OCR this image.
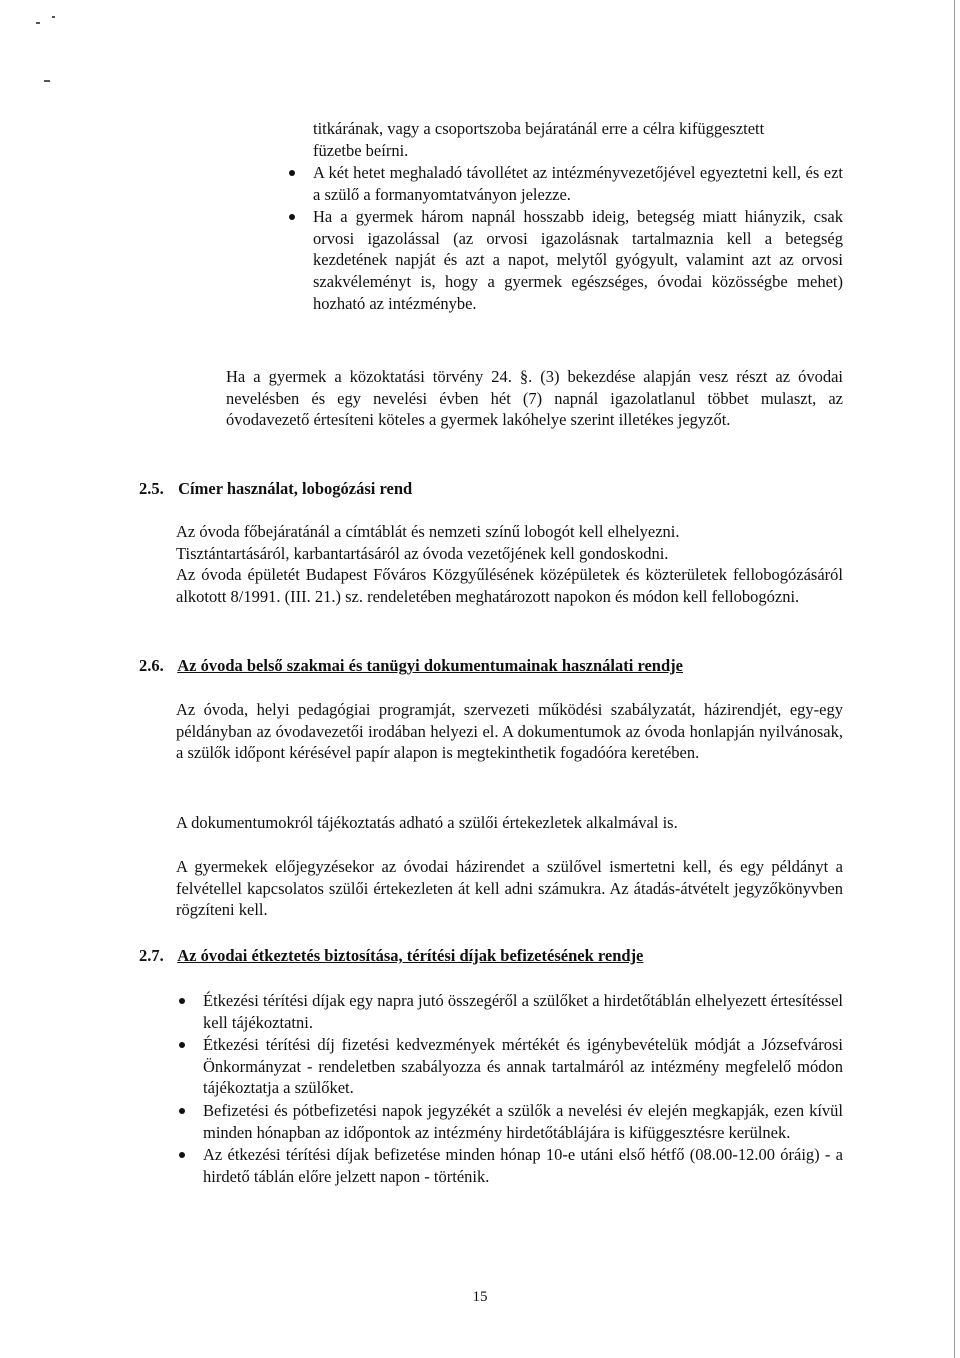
titkárának, vagy a csoportszoba bejáratánál erre a célra kifüggesztett

füzetbe beírni.

A két hetet meghaladó távollétet az intézményvezetőjével egyeztetni kell, és ezt a szülő a formanyomtatványon jelezze.
Ha a gyermek három napnál hosszabb ideig, betegség miatt hiányzik, csak orvosi igazolással (az orvosi igazolásnak tartalmaznia kell a betegség kezdetének napját és azt a napot, melytől gyógyult, valamint azt az orvosi szakvéleményt is, hogy a gyermek egészséges, óvodai közösségbe mehet) hozható az intézménybe.

Ha a gyermek a közoktatási törvény 24. §. (3) bekezdése alapján vesz részt az óvodai nevelésben és egy nevelési évben hét (7) napnál igazolatlanul többet mulaszt, az óvodavezető értesíteni köteles a gyermek lakóhelye szerint illetékes jegyzőt.

2.5. Címer használat, lobogózási rend

Az óvoda főbejáratánál a címtáblát és nemzeti színű lobogót kell elhelyezni.

Tisztántartásáról, karbantartásáról az óvoda vezetőjének kell gondoskodni.

Az óvoda épületét Budapest Főváros Közgyűlésének középületek és közterületek fellobogózásáról alkotott 8/1991. (III. 21.) sz. rendeletében meghatározott napokon és módon kell fellobogózni.

2.6. Az óvoda belső szakmai és tanügyi dokumentumainak használati rendje

Az óvoda, helyi pedagógiai programját, szervezeti működési szabályzatát, házirendjét, egy-egy példányban az óvodavezetői irodában helyezi el. A dokumentumok az óvoda honlapján nyilvánosak, a szülők időpont kérésével papír alapon is megtekinthetik fogadóóra keretében.

A dokumentumokról tájékoztatás adható a szülői értekezletek alkalmával is.

A gyermekek előjegyzésekor az óvodai házirendet a szülővel ismertetni kell, és egy példányt a felvétellel kapcsolatos szülői értekezleten át kell adni számukra. Az átadás-átvételt jegyzőkönyvben rögzíteni kell.

2.7. Az óvodai étkeztetés biztosítása, térítési díjak befizetésének rendje
Étkezési térítési díjak egy napra jutó összegéről a szülőket a hirdetőtáblán elhelyezett értesítéssel kell tájékoztatni.
Étkezési térítési díj fizetési kedvezmények mértékét és igénybevételük módját a Józsefvárosi Önkormányzat - rendeletben szabályozza és annak tartalmáról az intézmény megfelelő módon tájékoztatja a szülőket.
Befizetési és pótbefizetési napok jegyzékét a szülők a nevelési év elején megkapják, ezen kívül minden hónapban az időpontok az intézmény hirdetőtáblájára is kifüggesztésre kerülnek.
Az étkezési térítési díjak befizetése minden hónap 10-e utáni első hétfő (08.00-12.00 óráig) - a hirdető táblán előre jelzett napon - történik.
15
